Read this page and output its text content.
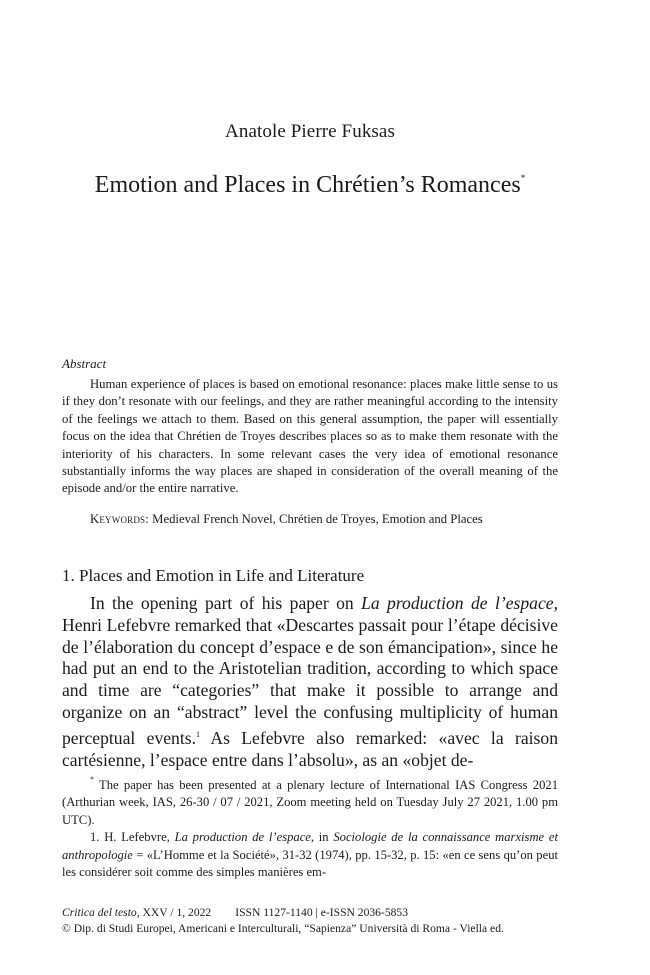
Anatole Pierre Fuksas
Emotion and Places in Chrétien’s Romances*
Abstract

Human experience of places is based on emotional resonance: places make little sense to us if they don’t resonate with our feelings, and they are rather meaningful according to the intensity of the feelings we attach to them. Based on this general assumption, the paper will essentially focus on the idea that Chrétien de Troyes describes places so as to make them resonate with the interiority of his characters. In some relevant cases the very idea of emotional resonance substantially informs the way places are shaped in consideration of the overall meaning of the episode and/or the entire narrative.

Keywords: Medieval French Novel, Chrétien de Troyes, Emotion and Places
1. Places and Emotion in Life and Literature

In the opening part of his paper on La production de l’espace, Henri Lefebvre remarked that «Descartes passait pour l’étape décisive de l’élaboration du concept d’espace e de son émancipation», since he had put an end to the Aristotelian tradition, according to which space and time are “categories” that make it possible to arrange and organize on an “abstract” level the confusing multiplicity of human perceptual events.$^1$ As Lefebvre also remarked: «avec la raison cartésienne, l’espace entre dans l’absolu», as an «objet de-

* The paper has been presented at a plenary lecture of International IAS Congress 2021 (Arthurian week, IAS, 26-30 / 07 / 2021, Zoom meeting held on Tuesday July 27 2021, 1.00 pm UTC).

1. H. Lefebvre, La production de l’espace, in Sociologie de la connaissance marxisme et anthropologie = «L’Homme et la Société», 31-32 (1974), pp. 15-32, p. 15: «en ce sens qu’on peut les considérer soit comme des simples manières em-

Critica del testo, XXV / 1, 2022 ISSN 1127-1140 | e-ISSN 2036-5853
© Dip. di Studi Europei, Americani e Interculturali, “Sapienza” Università di Roma - Viella ed.
